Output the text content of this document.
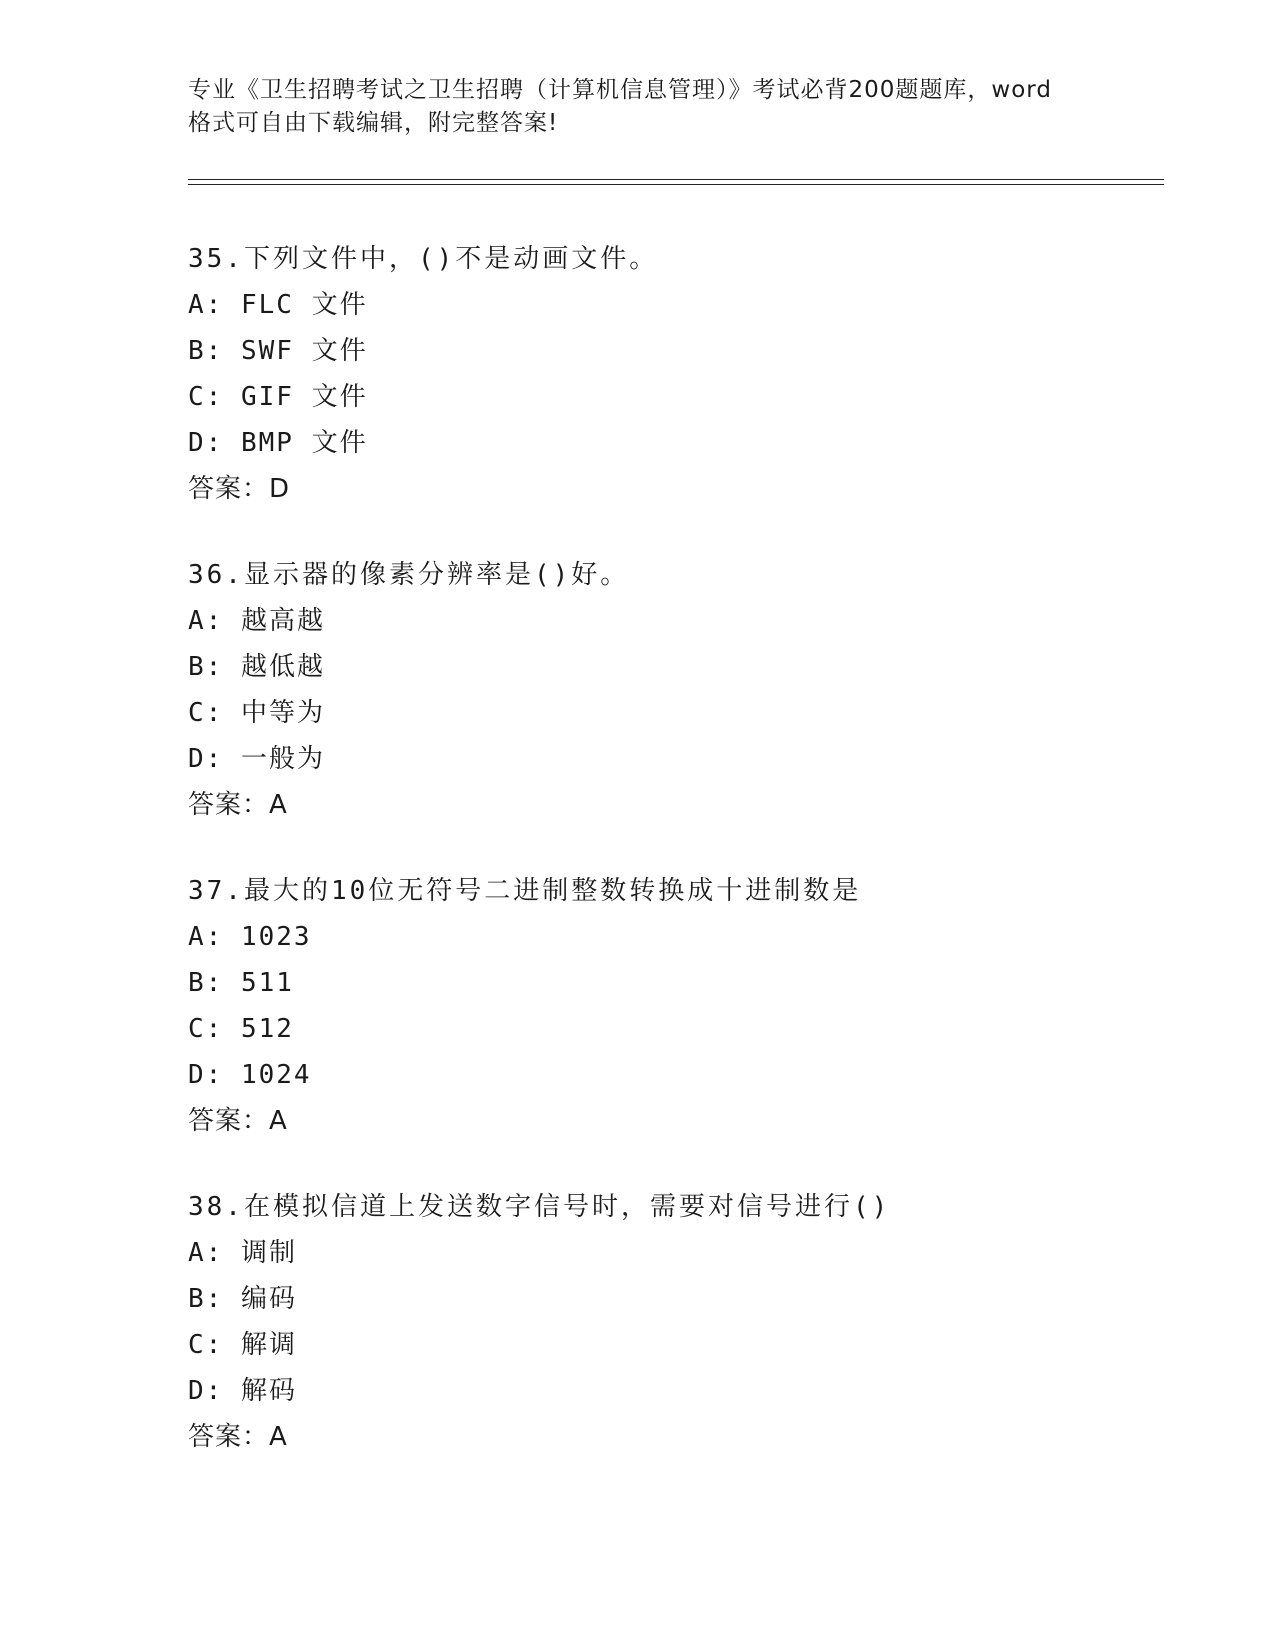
专业《卫生招聘考试之卫生招聘（计算机信息管理）》考试必背200题题库，word
格式可自由下载编辑，附完整答案!
35.下列文件中，()不是动画文件。
A: FLC 文件
B: SWF 文件
C: GIF 文件
D: BMP 文件
答案：D
36.显示器的像素分辨率是()好。
A: 越高越
B: 越低越
C: 中等为
D: 一般为
答案：A
37.最大的10位无符号二进制整数转换成十进制数是
A: 1023
B: 511
C: 512
D: 1024
答案：A
38.在模拟信道上发送数字信号时，需要对信号进行()
A: 调制
B: 编码
C: 解调
D: 解码
答案：A
